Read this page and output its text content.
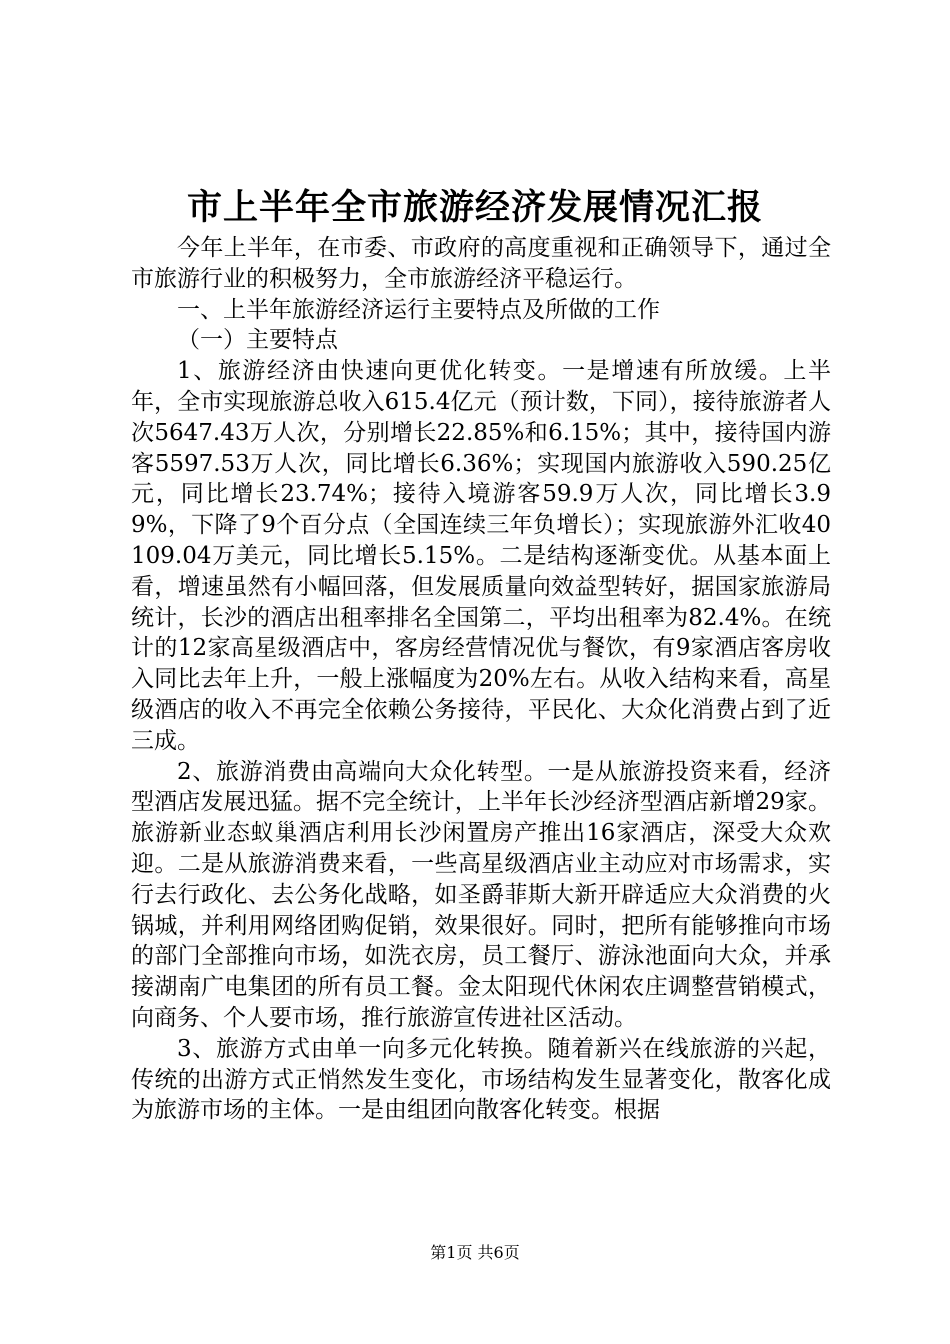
市上半年全市旅游经济发展情况汇报

今年上半年，在市委、市政府的高度重视和正确领导下，通过全市旅游行业的积极努力，全市旅游经济平稳运行。

一、上半年旅游经济运行主要特点及所做的工作

（一）主要特点

1、旅游经济由快速向更优化转变。一是增速有所放缓。上半年，全市实现旅游总收入615.4亿元（预计数，下同），接待旅游者人次5647.43万人次，分别增长22.85%和6.15%；其中，接待国内游客5597.53万人次，同比增长6.36%；实现国内旅游收入590.25亿元，同比增长23.74%；接待入境游客59.9万人次，同比增长3.99%，下降了9个百分点（全国连续三年负增长）；实现旅游外汇收40109.04万美元，同比增长5.15%。二是结构逐渐变优。从基本面上看，增速虽然有小幅回落，但发展质量向效益型转好，据国家旅游局统计，长沙的酒店出租率排名全国第二，平均出租率为82.4%。在统计的12家高星级酒店中，客房经营情况优与餐饮，有9家酒店客房收入同比去年上升，一般上涨幅度为20%左右。从收入结构来看，高星级酒店的收入不再完全依赖公务接待，平民化、大众化消费占到了近三成。

2、旅游消费由高端向大众化转型。一是从旅游投资来看，经济型酒店发展迅猛。据不完全统计，上半年长沙经济型酒店新增29家。旅游新业态蚁巢酒店利用长沙闲置房产推出16家酒店，深受大众欢迎。二是从旅游消费来看，一些高星级酒店业主动应对市场需求，实行去行政化、去公务化战略，如圣爵菲斯大新开辟适应大众消费的火锅城，并利用网络团购促销，效果很好。同时，把所有能够推向市场的部门全部推向市场，如洗衣房，员工餐厅、游泳池面向大众，并承接湖南广电集团的所有员工餐。金太阳现代休闲农庄调整营销模式，向商务、个人要市场，推行旅游宣传进社区活动。

3、旅游方式由单一向多元化转换。随着新兴在线旅游的兴起，传统的出游方式正悄然发生变化，市场结构发生显著变化，散客化成为旅游市场的主体。一是由组团向散客化转变。根据

第1页 共6页
